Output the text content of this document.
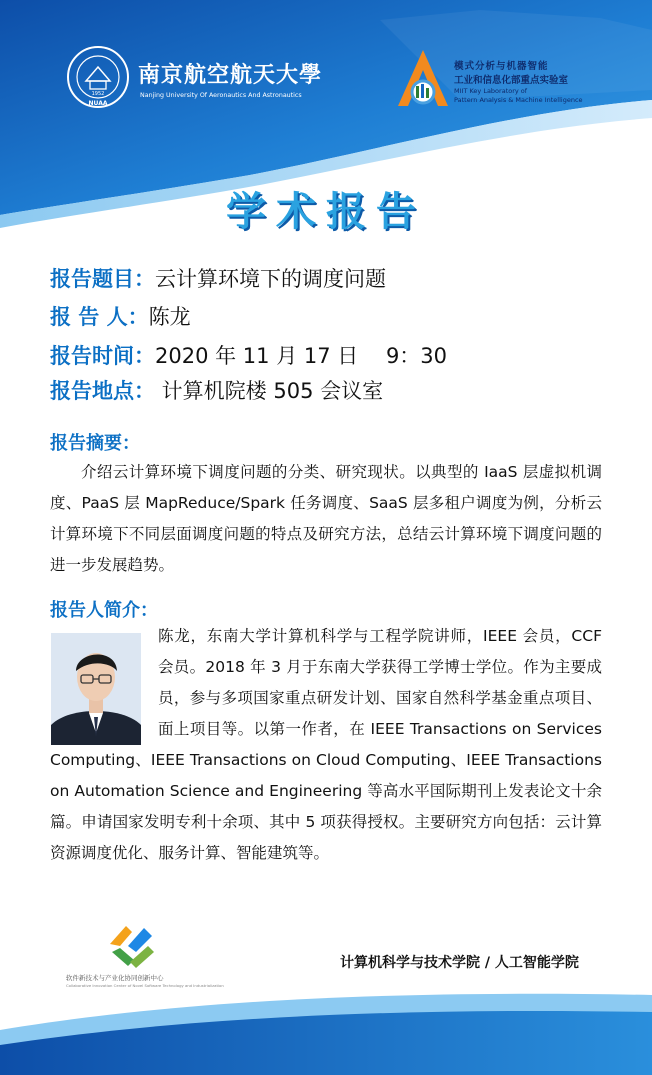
1952
NUAA
南京航空航天大學
Nanjing University Of Aeronautics And Astronautics
模式分析与机器智能
工业和信息化部重点实验室
MIIT Key Laboratory of
Pattern Analysis & Machine Intelligence
学术报告
报告题目：云计算环境下的调度问题
报 告 人：陈龙
报告时间：2020 年 11 月 17 日　 9：30
报告地点： 计算机院楼 505 会议室
报告摘要：
介绍云计算环境下调度问题的分类、研究现状。以典型的 IaaS 层虚拟机调度、PaaS 层 MapReduce/Spark 任务调度、SaaS 层多租户调度为例，分析云计算环境下不同层面调度问题的特点及研究方法，总结云计算环境下调度问题的进一步发展趋势。
报告人简介：
陈龙，东南大学计算机科学与工程学院讲师，IEEE 会员，CCF 会员。2018 年 3 月于东南大学获得工学博士学位。作为主要成员，参与多项国家重点研发计划、国家自然科学基金重点项目、面上项目等。以第一作者，在 IEEE Transactions on Services Computing、IEEE Transactions on Cloud Computing、IEEE Transactions on Automation Science and Engineering 等高水平国际期刊上发表论文十余篇。申请国家发明专利十余项、其中 5 项获得授权。主要研究方向包括：云计算资源调度优化、服务计算、智能建筑等。
软件新技术与产业化协同创新中心
Collaborative Innovation Center of Novel Software Technology and Industrialization
计算机科学与技术学院 / 人工智能学院
